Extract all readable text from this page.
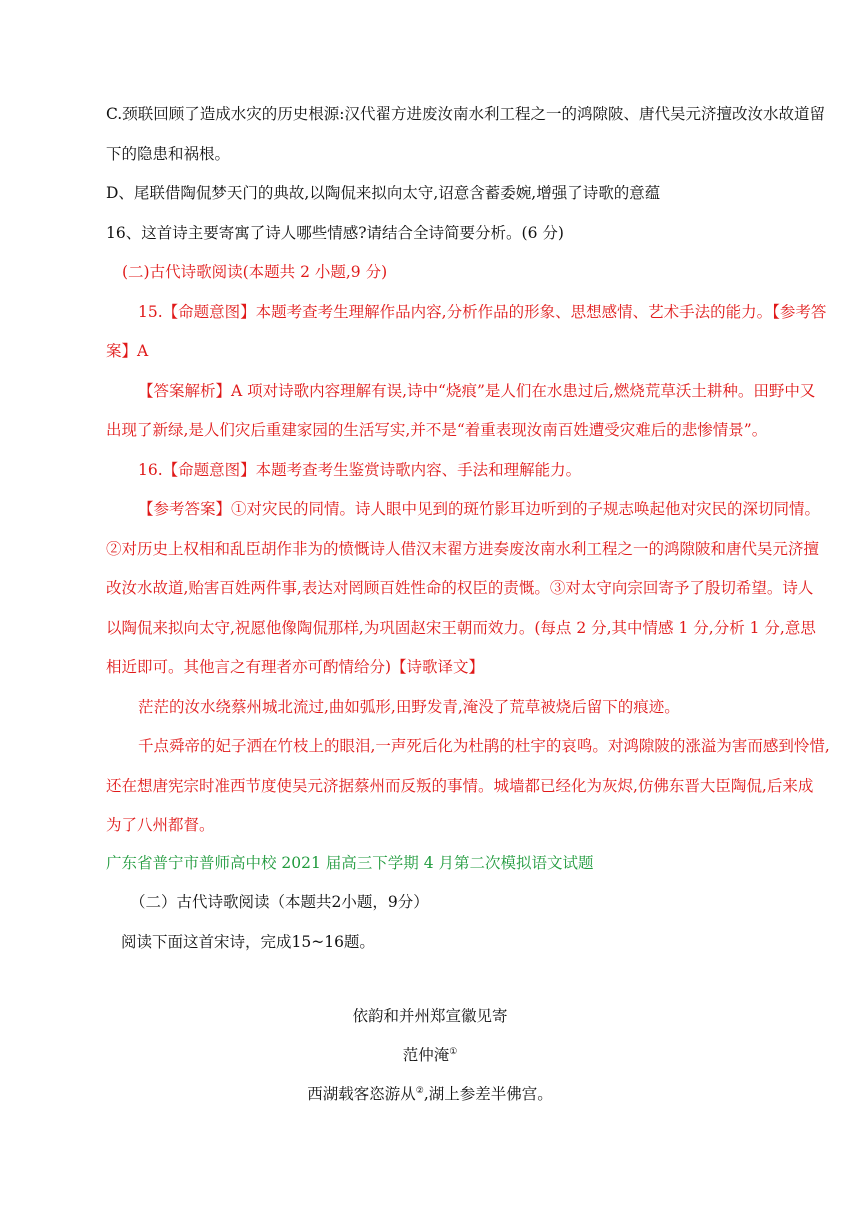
C.颈联回顾了造成水灾的历史根源:汉代翟方进废汝南水利工程之一的鸿隙陂、唐代吴元济擅改汝水故道留

下的隐患和祸根。

D、尾联借陶侃梦天门的典故,以陶侃来拟向太守,诏意含蓄委婉,增强了诗歌的意蕴

16、这首诗主要寄寓了诗人哪些情感?请结合全诗简要分析。(6 分)

(二)古代诗歌阅读(本题共 2 小题,9 分)

15.【命题意图】本题考查考生理解作品内容,分析作品的形象、思想感情、艺术手法的能力。【参考答

案】A

【答案解析】A 项对诗歌内容理解有误,诗中“烧痕”是人们在水患过后,燃烧荒草沃土耕种。田野中又

出现了新绿,是人们灾后重建家园的生活写实,并不是“着重表现汝南百姓遭受灾难后的悲惨情景”。

16.【命题意图】本题考查考生鉴赏诗歌内容、手法和理解能力。

【参考答案】①对灾民的同情。诗人眼中见到的斑竹影耳边听到的子规志唤起他对灾民的深切同情。

②对历史上权相和乱臣胡作非为的愤慨诗人借汉末翟方进奏废汝南水利工程之一的鸿隙陂和唐代吴元济擅

改汝水故道,贻害百姓两件事,表达对罔顾百姓性命的权臣的责慨。③对太守向宗回寄予了殷切希望。诗人

以陶侃来拟向太守,祝愿他像陶侃那样,为巩固赵宋王朝而效力。(每点 2 分,其中情感 1 分,分析 1 分,意思

相近即可。其他言之有理者亦可酌情给分)【诗歌译文】

茫茫的汝水绕蔡州城北流过,曲如弧形,田野发青,淹没了荒草被烧后留下的痕迹。

千点舜帝的妃子洒在竹枝上的眼泪,一声死后化为杜鹃的杜宇的哀鸣。对鸿隙陂的涨溢为害而感到怜惜,

还在想唐宪宗时准西节度使吴元济据蔡州而反叛的事情。城墙都已经化为灰烬,仿佛东晋大臣陶侃,后来成

为了八州都督。

广东省普宁市普师高中校 2021 届高三下学期 4 月第二次模拟语文试题

（二）古代诗歌阅读（本题共2小题，9分）

阅读下面这首宋诗，完成15~16题。

依韵和并州郑宣徽见寄

范仲淹①

西湖载客恣游从②,湖上参差半佛宫。
